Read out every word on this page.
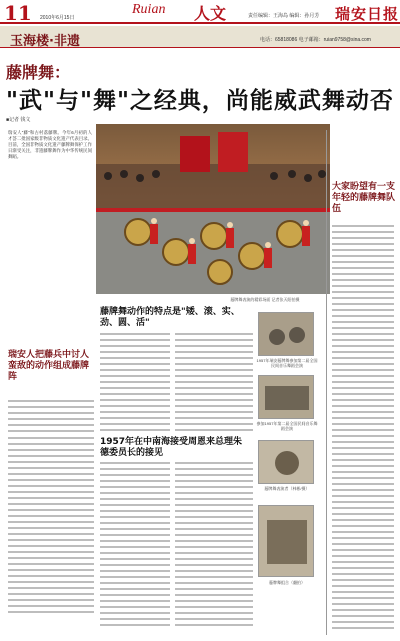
11 2010年6月15日
Ruian 人文	责任编辑：王海岛 编辑：孙月芳 瑞安日报
玉海楼·非遗	电话：65818086 电子邮箱：ruian9758@sina.com
藤牌舞：
"武"与"舞"之经典，尚能威武舞动否
■记者 钱文
瑞安人"藤"和古村落藤牌。今年6月初的人才荟二批国家级非物质文化遗产代表目录。目前，全国非物质文化遗产藤牌舞保护工作日渐受关注，非遗藤牌舞作为中华传统民间舞蹈。
藤牌舞表演的精彩场面 记者张天阳拍摄
瑞安人把藤兵中讨人蛮敌的动作组成藤牌阵
藤牌舞动作的特点是"矮、滚、实、劲、圆、活"
1957年瑞安藤牌舞参加第二届全国民间音乐舞蹈会演
参加1957年第二届全国民间音乐舞蹈会演
1957年在中南海接受周恩来总理朱德委员长的接见
藤牌舞表演者（林彬/摄）
藤牌舞组合（翻拍）
大家盼望有一支年轻的藤牌舞队伍
